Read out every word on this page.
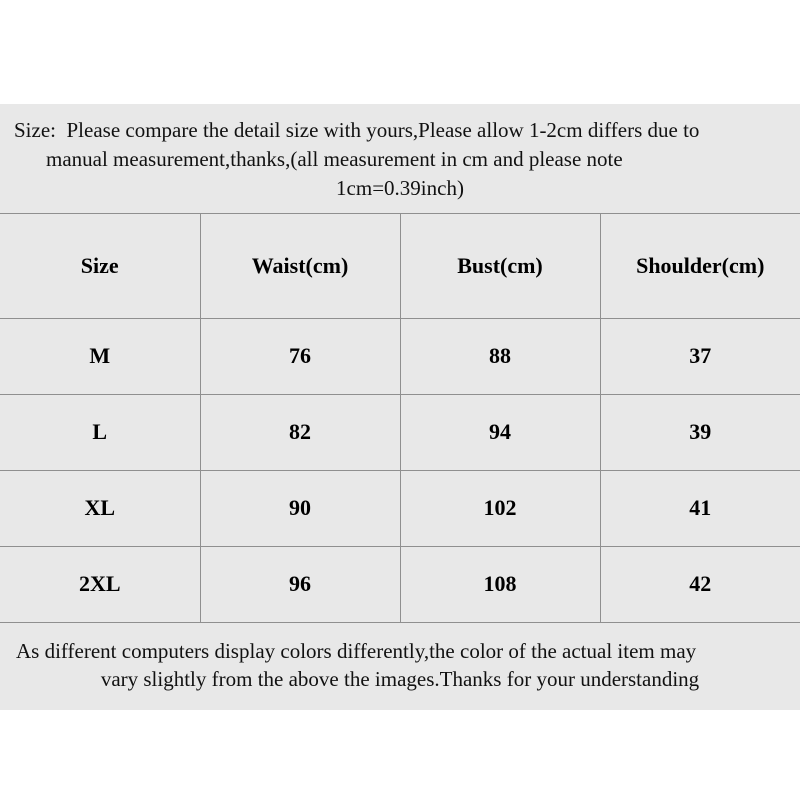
Size: Please compare the detail size with yours,Please allow 1-2cm differs due to
manual measurement,thanks,(all measurement in cm and please note
1cm=0.39inch)
Size	Waist(cm)	Bust(cm)	Shoulder(cm)
M	76	88	37
L	82	94	39
XL	90	102	41
2XL	96	108	42
As different computers display colors differently,the color of the actual item may
vary slightly from the above the images.Thanks for your understanding
